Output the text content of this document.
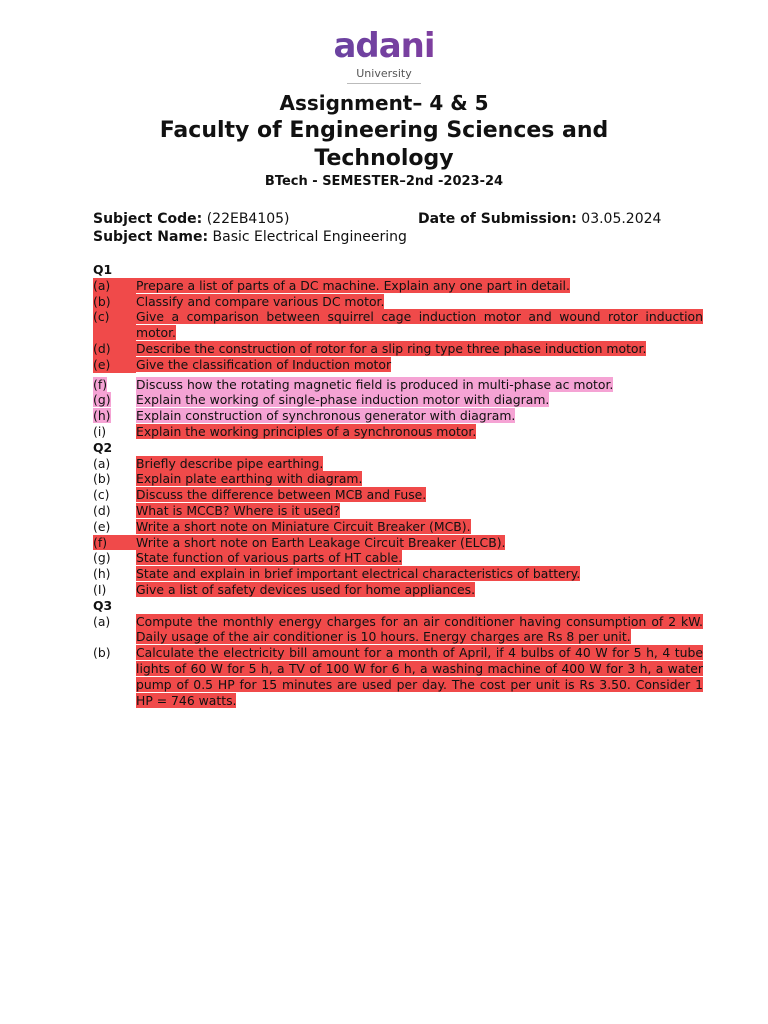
adani
University
Assignment– 4 & 5
Faculty of Engineering Sciences and
Technology
BTech - SEMESTER–2nd -2023-24
Subject Code: (22EB4105)	Date of Submission: 03.05.2024
Subject Name: Basic Electrical Engineering
Q1
(a)	Prepare a list of parts of a DC machine. Explain any one part in detail.
(b)	Classify and compare various DC motor.
(c)	Give a comparison between squirrel cage induction motor and wound rotor induction motor.
(d)	Describe the construction of rotor for a slip ring type three phase induction motor.
(e)	Give the classification of Induction motor
(f)	Discuss how the rotating magnetic field is produced in multi-phase ac motor.
(g)	Explain the working of single-phase induction motor with diagram.
(h)	Explain construction of synchronous generator with diagram.
(i)	Explain the working principles of a synchronous motor.
Q2
(a)	Briefly describe pipe earthing.
(b)	Explain plate earthing with diagram.
(c)	Discuss the difference between MCB and Fuse.
(d)	What is MCCB? Where is it used?
(e)	Write a short note on Miniature Circuit Breaker (MCB).
(f)	Write a short note on Earth Leakage Circuit Breaker (ELCB).
(g)	State function of various parts of HT cable.
(h)	State and explain in brief important electrical characteristics of battery.
(I)	Give a list of safety devices used for home appliances.
Q3
(a)	Compute the monthly energy charges for an air conditioner having consumption of 2 kW. Daily usage of the air conditioner is 10 hours. Energy charges are Rs 8 per unit.
(b)	Calculate the electricity bill amount for a month of April, if 4 bulbs of 40 W for 5 h, 4 tube lights of 60 W for 5 h, a TV of 100 W for 6 h, a washing machine of 400 W for 3 h, a water pump of 0.5 HP for 15 minutes are used per day. The cost per unit is Rs 3.50. Consider 1 HP = 746 watts.
